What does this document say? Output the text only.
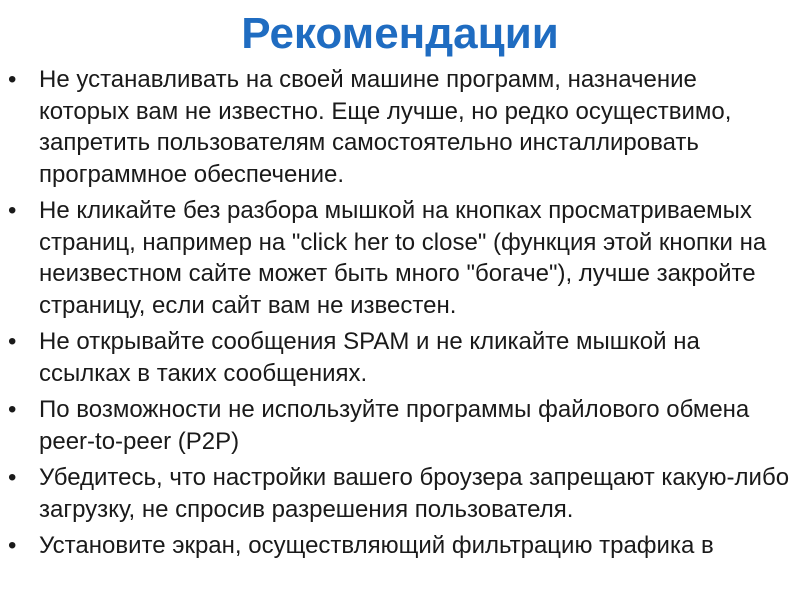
Рекомендации
• Не устанавливать на своей машине программ, назначение которых вам не известно. Еще лучше, но редко осуществимо, запретить пользователям самостоятельно инсталлировать программное обеспечение.
• Не кликайте без разбора мышкой на кнопках просматриваемых страниц, например на "click her to close" (функция этой кнопки на неизвестном сайте может быть много "богаче"), лучше закройте страницу, если сайт вам не известен.
• Не открывайте сообщения SPAM и не кликайте мышкой на ссылках в таких сообщениях.
• По возможности не используйте программы файлового обмена peer-to-peer (P2P)
• Убедитесь, что настройки вашего броузера запрещают какую-либо загрузку, не спросив разрешения пользователя.
• Установите экран, осуществляющий фильтрацию трафика в
